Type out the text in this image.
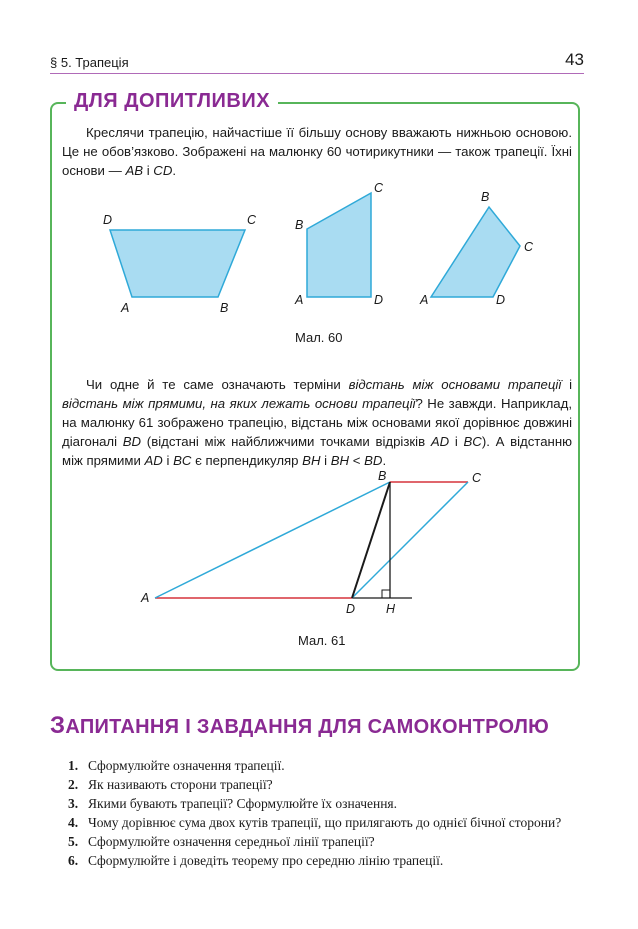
§ 5. Трапеція	43
ДЛЯ ДОПИТЛИВИХ

Креслячи трапецію, найчастіше її більшу основу вважають нижньою основою. Це не обов’язково. Зображені на малюнку 60 чотирикутники — також трапеції. Їхні основи — AB і CD.

D	C
A	B
C
B
A	D
B
C
A	D
A
B	C
D H
Мал. 60

Чи одне й те саме означають терміни відстань між основами трапеції і відстань між прямими, на яких лежать основи трапеції? Не завжди. Наприклад, на малюнку 61 зображено трапецію, відстань між основами якої дорівнює довжині діагоналі BD (відстані між найближчими точками відрізків AD і BC). А відстанню між прямими AD і BC є перпендикуляр BH і BH < BD.

Мал. 61
ЗАПИТАННЯ І ЗАВДАННЯ ДЛЯ САМОКОНТРОЛЮ
1. Сформулюйте означення трапеції.
2. Як називають сторони трапеції?
3. Якими бувають трапеції? Сформулюйте їх означення.
4. Чому дорівнює сума двох кутів трапеції, що прилягають до однієї бічної сторони?
5. Сформулюйте означення середньої лінії трапеції?
6. Сформулюйте і доведіть теорему про середню лінію трапеції.
